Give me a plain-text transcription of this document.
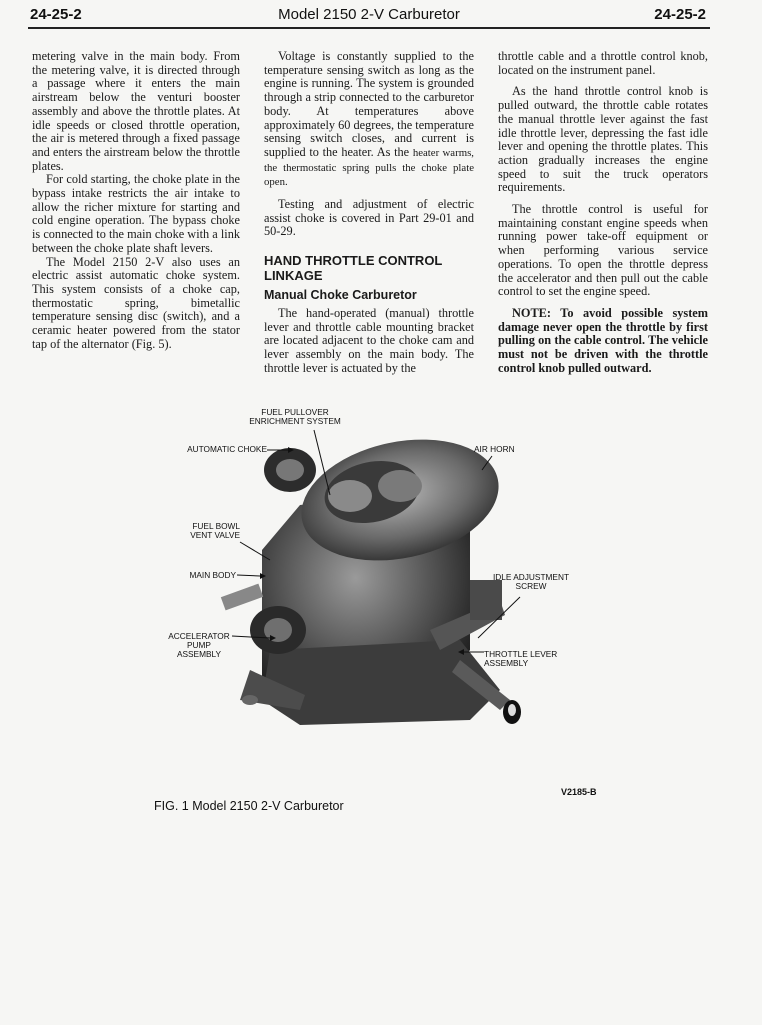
24-25-2	Model 2150 2-V Carburetor	24-25-2

metering valve in the main body. From the metering valve, it is directed through a passage where it enters the main airstream below the venturi booster assembly and above the throttle plates. At idle speeds or closed throttle operation, the air is metered through a fixed passage and enters the airstream below the throttle plates.

For cold starting, the choke plate in the bypass intake restricts the air intake to allow the richer mixture for starting and cold engine operation. The bypass choke is connected to the main choke with a link between the choke plate shaft levers.

The Model 2150 2-V also uses an electric assist automatic choke system. This system consists of a choke cap, thermostatic spring, bimetallic temperature sensing disc (switch), and a ceramic heater powered from the stator tap of the alternator (Fig. 5).

Voltage is constantly supplied to the temperature sensing switch as long as the engine is running. The system is grounded through a strip connected to the carburetor body. At temperatures above approximately 60 degrees, the temperature sensing switch closes, and current is supplied to the heater. As the heater warms, the thermostatic spring pulls the choke plate open.

Testing and adjustment of electric assist choke is covered in Part 29-01 and 50-29.

HAND THROTTLE CONTROL LINKAGE
Manual Choke Carburetor

The hand-operated (manual) throttle lever and throttle cable mounting bracket are located adjacent to the choke cam and lever assembly on the main body. The throttle lever is actuated by the

throttle cable and a throttle control knob, located on the instrument panel.

As the hand throttle control knob is pulled outward, the throttle cable rotates the manual throttle lever against the fast idle throttle lever, depressing the fast idle lever and opening the throttle plates. This action gradually increases the engine speed to suit the truck operators requirements.

The throttle control is useful for maintaining constant engine speeds when running power take-off equipment or when performing various service operations. To open the throttle depress the accelerator and then pull out the cable control to set the engine speed.

NOTE: To avoid possible system damage never open the throttle by first pulling on the cable control. The vehicle must not be driven with the throttle control knob pulled outward.

FUEL PULLOVER ENRICHMENT SYSTEM
AUTOMATIC CHOKE	AIR HORN
FUEL BOWL VENT VALVE
MAIN BODY	IDLE ADJUSTMENT SCREW
ACCELERATOR PUMP ASSEMBLY	THROTTLE LEVER ASSEMBLY
V2185-B
FIG. 1 Model 2150 2-V Carburetor
